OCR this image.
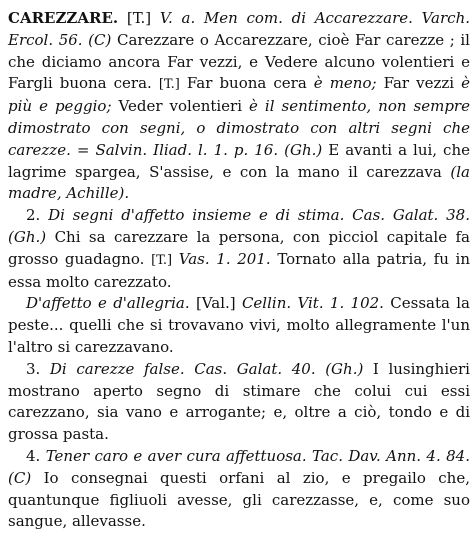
CAREZZARE. [T.] V. a. Men com. di Accarezzare. Varch. Ercol. 56. (C) Carezzare o Accarezzare, cioè Far carezze ; il che diciamo ancora Far vezzi, e Vedere alcuno volentieri e Fargli buona cera. [T.] Far buona cera è meno; Far vezzi è più e peggio; Veder volentieri è il sentimento, non sempre dimostrato con segni, o dimostrato con altri segni che carezze. = Salvin. Iliad. l. 1. p. 16. (Gh.) E avanti a lui, che lagrime spargea, S'assise, e con la mano il carezzava (la madre, Achille).

2. Di segni d'affetto insieme e di stima. Cas. Galat. 38. (Gh.) Chi sa carezzare la persona, con picciol capitale fa grosso guadagno. [T.] Vas. 1. 201. Tornato alla patria, fu in essa molto carezzato.

D'affetto e d'allegria. [Val.] Cellin. Vit. 1. 102. Cessata la peste... quelli che si trovavano vivi, molto allegramente l'un l'altro si carezzavano.

3. Di carezze false. Cas. Galat. 40. (Gh.) I lusinghieri mostrano aperto segno di stimare che colui cui essi carezzano, sia vano e arrogante; e, oltre a ciò, tondo e di grossa pasta.

4. Tener caro e aver cura affettuosa. Tac. Dav. Ann. 4. 84. (C) Io consegnai questi orfani al zio, e pregailo che, quantunque figliuoli avesse, gli carezzasse, e, come suo sangue, allevasse.
